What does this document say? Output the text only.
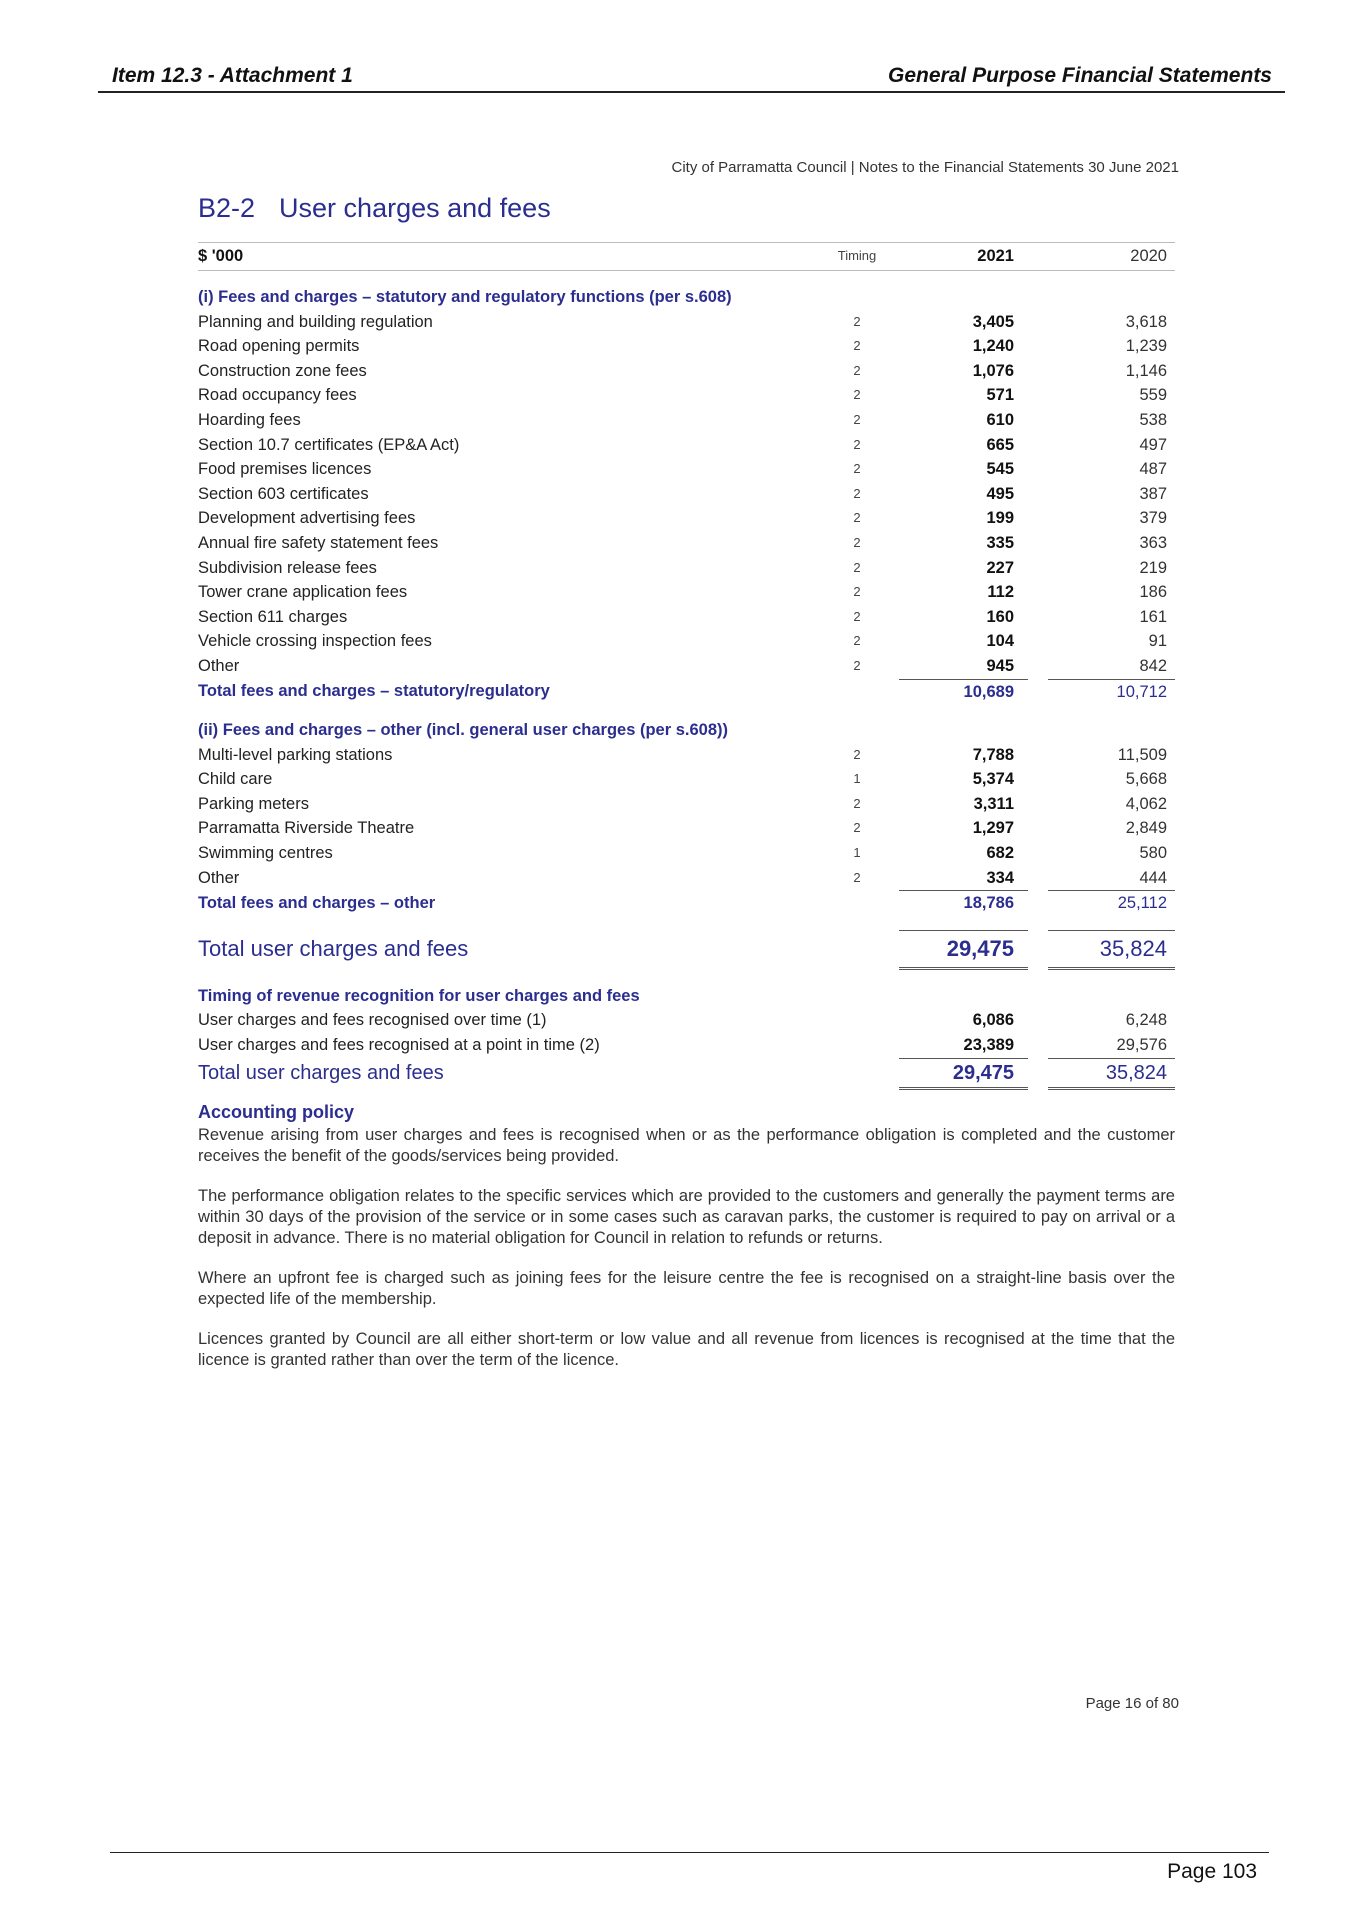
Item 12.3 - Attachment 1	General Purpose Financial Statements
City of Parramatta Council | Notes to the Financial Statements 30 June 2021
B2-2 User charges and fees
$ '000	Timing	2021		2020

(i) Fees and charges – statutory and regulatory functions (per s.608)				
Planning and building regulation	2	3,405		3,618
Road opening permits	2	1,240		1,239
Construction zone fees	2	1,076		1,146
Road occupancy fees	2	571		559
Hoarding fees	2	610		538
Section 10.7 certificates (EP&A Act)	2	665		497
Food premises licences	2	545		487
Section 603 certificates	2	495		387
Development advertising fees	2	199		379
Annual fire safety statement fees	2	335		363
Subdivision release fees	2	227		219
Tower crane application fees	2	112		186
Section 611 charges	2	160		161
Vehicle crossing inspection fees	2	104		91
Other	2	945		842
Total fees and charges – statutory/regulatory		10,689		10,712

(ii) Fees and charges – other (incl. general user charges (per s.608))				
Multi-level parking stations	2	7,788		11,509
Child care	1	5,374		5,668
Parking meters	2	3,311		4,062
Parramatta Riverside Theatre	2	1,297		2,849
Swimming centres	1	682		580
Other	2	334		444
Total fees and charges – other		18,786		25,112

Total user charges and fees		29,475		35,824

Timing of revenue recognition for user charges and fees				
User charges and fees recognised over time (1)		6,086		6,248
User charges and fees recognised at a point in time (2)		23,389		29,576
Total user charges and fees		29,475		35,824
Accounting policy

Revenue arising from user charges and fees is recognised when or as the performance obligation is completed and the customer receives the benefit of the goods/services being provided.

The performance obligation relates to the specific services which are provided to the customers and generally the payment terms are within 30 days of the provision of the service or in some cases such as caravan parks, the customer is required to pay on arrival or a deposit in advance. There is no material obligation for Council in relation to refunds or returns.

Where an upfront fee is charged such as joining fees for the leisure centre the fee is recognised on a straight-line basis over the expected life of the membership.

Licences granted by Council are all either short-term or low value and all revenue from licences is recognised at the time that the licence is granted rather than over the term of the licence.

Page 16 of 80
Page 103
